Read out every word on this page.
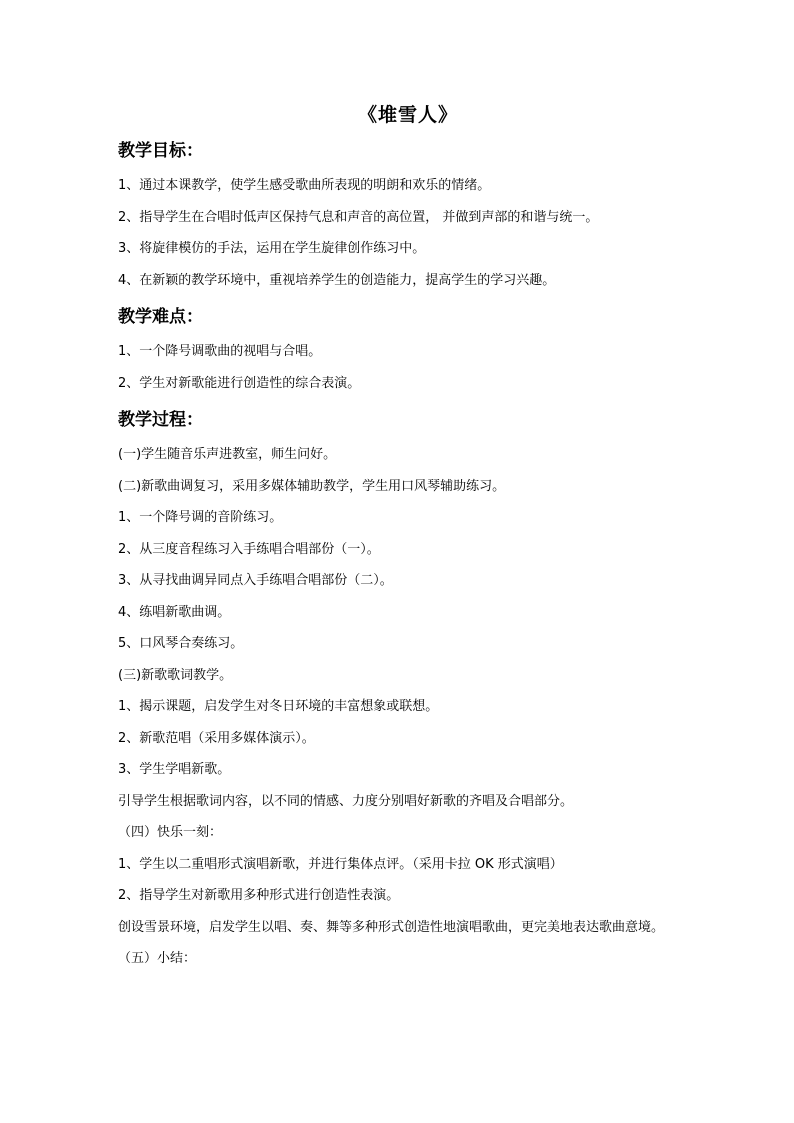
《堆雪人》
教学目标：
1、通过本课教学，使学生感受歌曲所表现的明朗和欢乐的情绪。
2、指导学生在合唱时低声区保持气息和声音的高位置， 并做到声部的和谐与统一。
3、将旋律模仿的手法，运用在学生旋律创作练习中。
4、在新颖的教学环境中，重视培养学生的创造能力，提高学生的学习兴趣。
教学难点：
1、一个降号调歌曲的视唱与合唱。
2、学生对新歌能进行创造性的综合表演。
教学过程：
(一)学生随音乐声进教室，师生问好。
(二)新歌曲调复习，采用多媒体辅助教学，学生用口风琴辅助练习。
1、一个降号调的音阶练习。
2、从三度音程练习入手练唱合唱部份（一）。
3、从寻找曲调异同点入手练唱合唱部份（二）。
4、练唱新歌曲调。
5、口风琴合奏练习。
(三)新歌歌词教学。
1、揭示课题，启发学生对冬日环境的丰富想象或联想。
2、新歌范唱（采用多媒体演示）。
3、学生学唱新歌。
引导学生根据歌词内容，以不同的情感、力度分别唱好新歌的齐唱及合唱部分。
（四）快乐一刻：
1、学生以二重唱形式演唱新歌，并进行集体点评。（采用卡拉 OK 形式演唱）
2、指导学生对新歌用多种形式进行创造性表演。
创设雪景环境，启发学生以唱、奏、舞等多种形式创造性地演唱歌曲，更完美地表达歌曲意境。
（五）小结：
